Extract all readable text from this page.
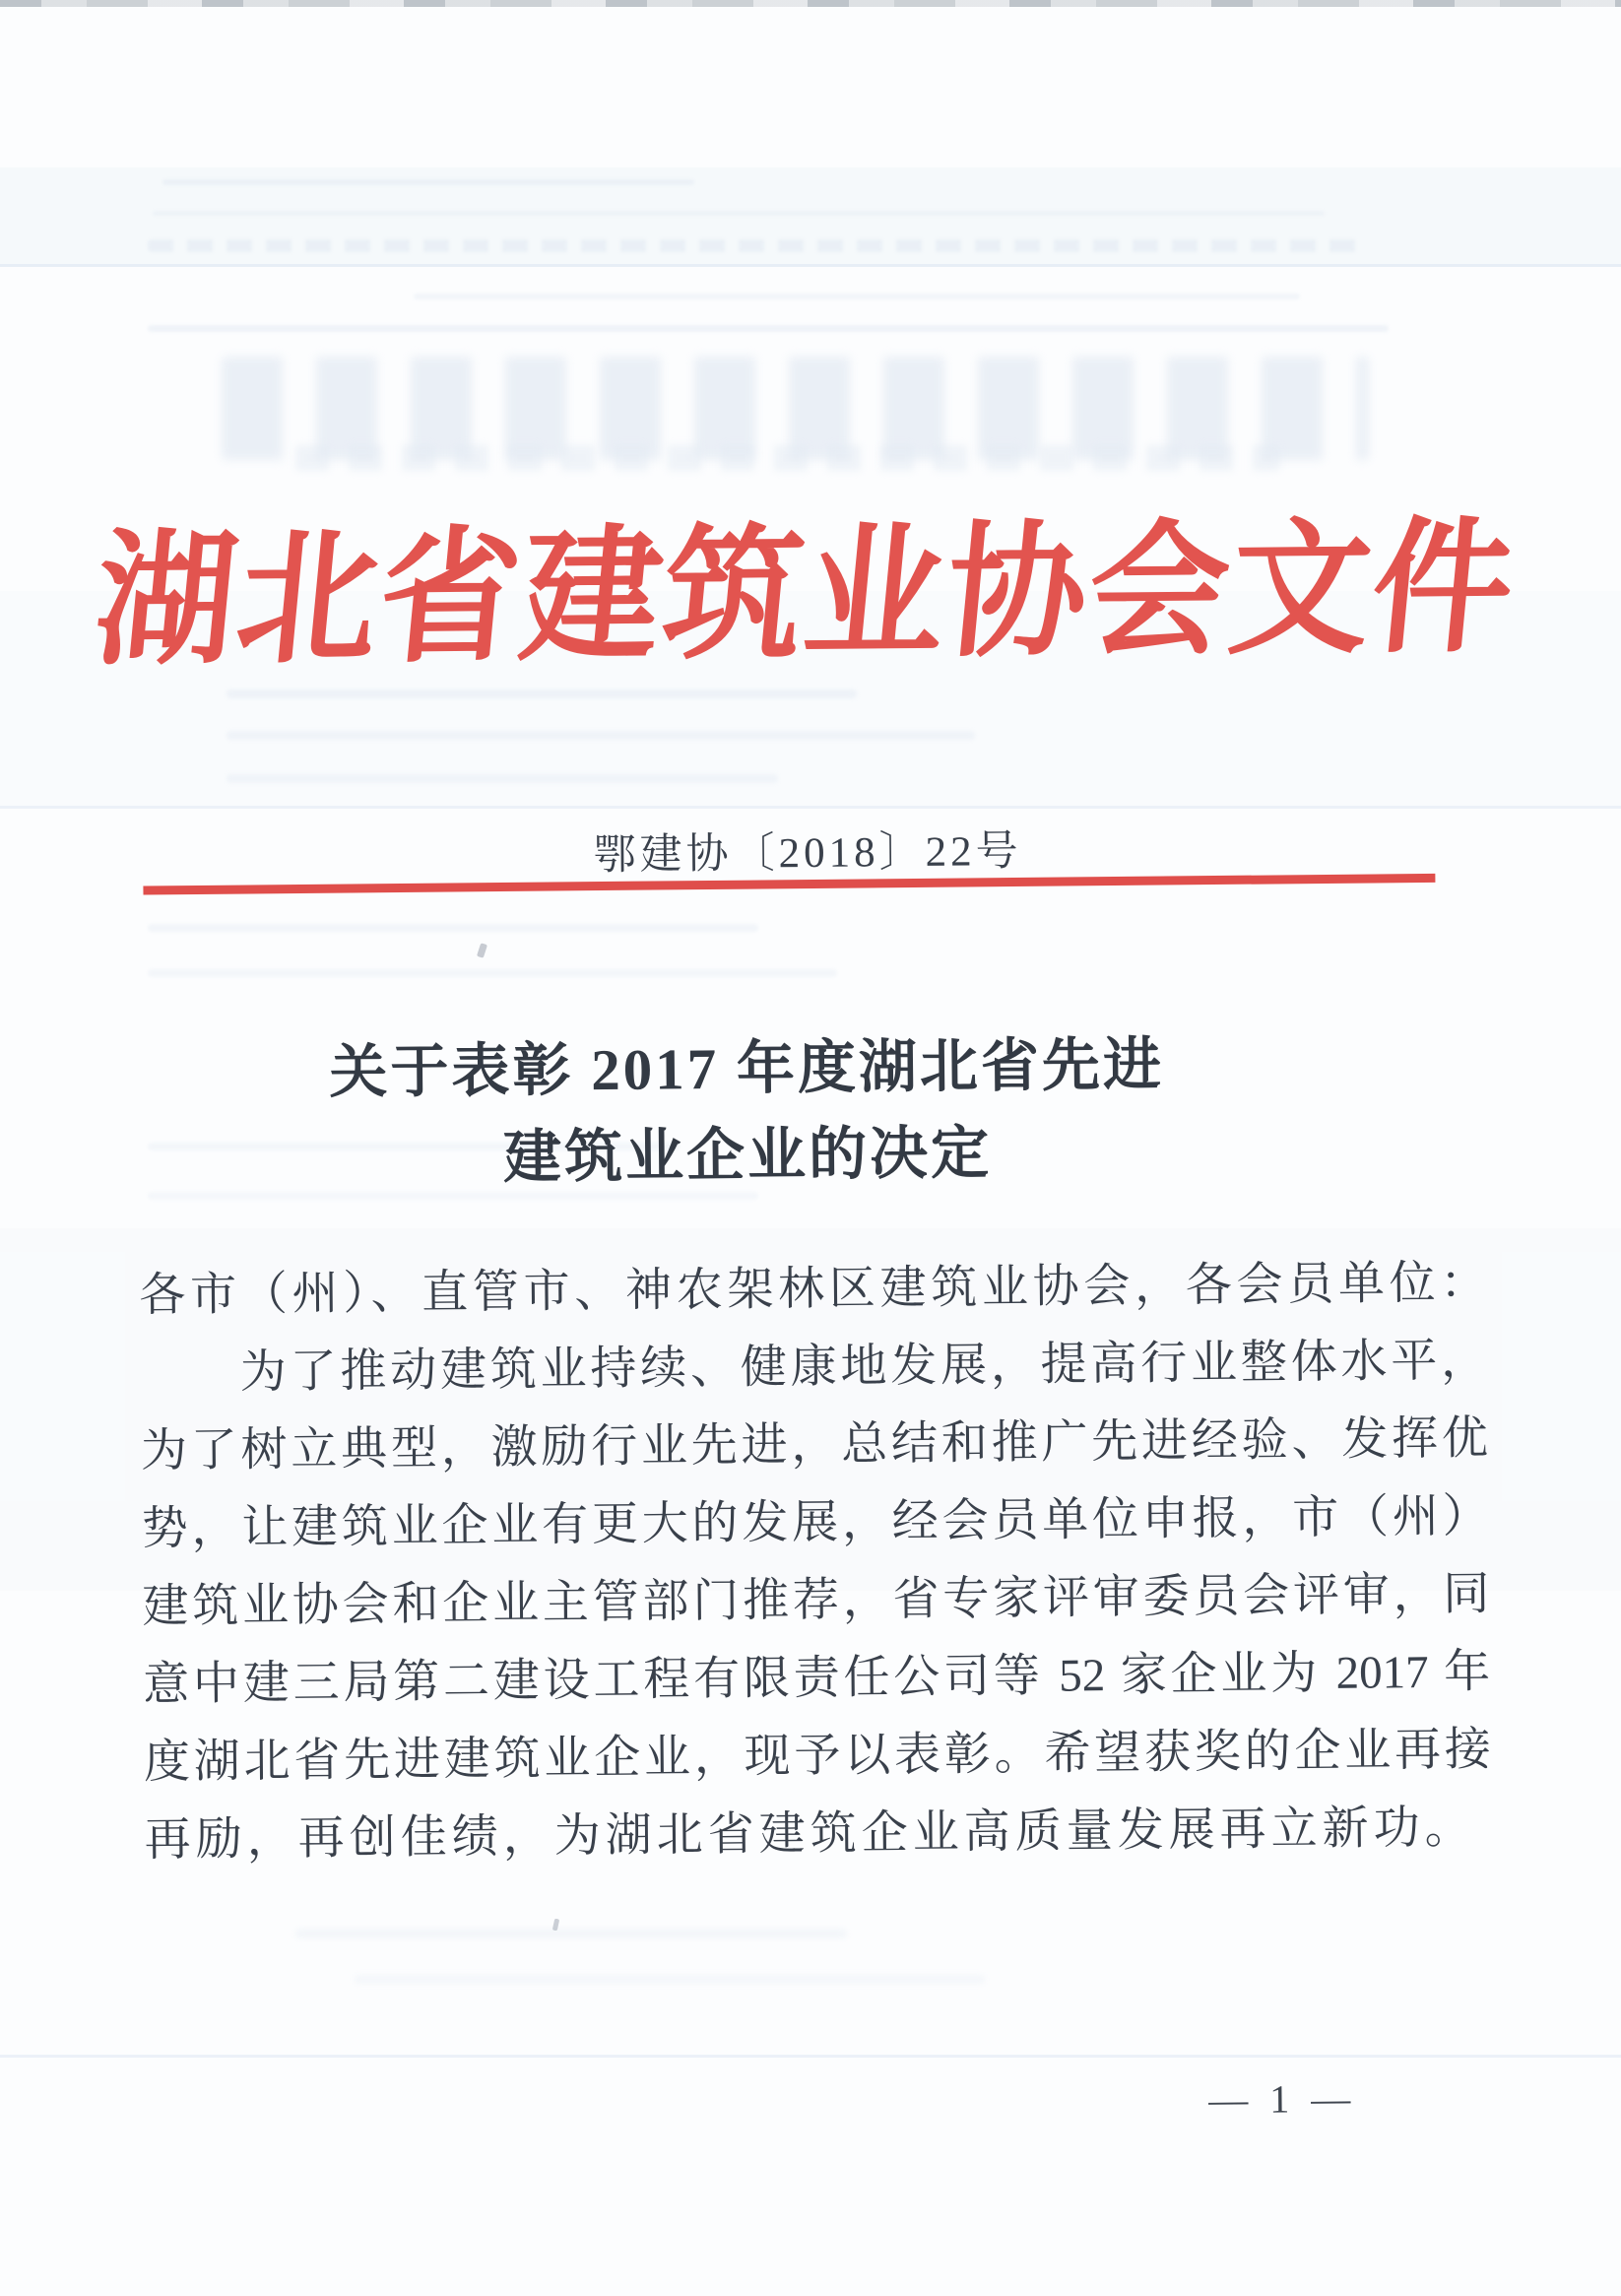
湖北省建筑业协会文件
鄂建协〔2018〕22号
关于表彰 2017 年度湖北省先进
建筑业企业的决定
各市（州）、直管市、神农架林区建筑业协会，各会员单位：
　　为了推动建筑业持续、健康地发展，提高行业整体水平，
为了树立典型，激励行业先进，总结和推广先进经验、发挥优
势，让建筑业企业有更大的发展，经会员单位申报，市（州）
建筑业协会和企业主管部门推荐，省专家评审委员会评审，同
意中建三局第二建设工程有限责任公司等 52 家企业为 2017 年
度湖北省先进建筑业企业，现予以表彰。希望获奖的企业再接
再励，再创佳绩，为湖北省建筑企业高质量发展再立新功。
— 1 —
